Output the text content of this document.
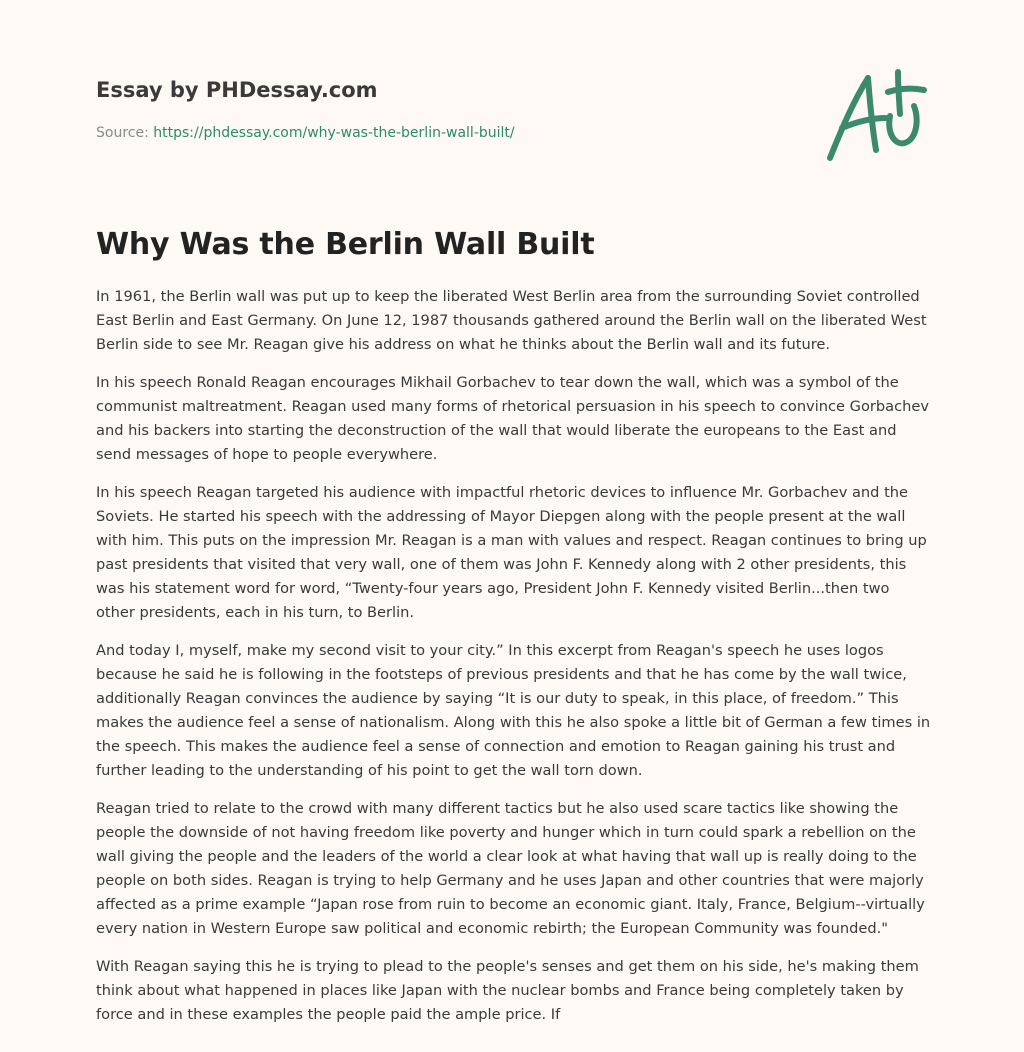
Essay by PHDessay.com
Source: https://phdessay.com/why-was-the-berlin-wall-built/
Why Was the Berlin Wall Built

In 1961, the Berlin wall was put up to keep the liberated West Berlin area from the surrounding Soviet controlled East Berlin and East Germany. On June 12, 1987 thousands gathered around the Berlin wall on the liberated West Berlin side to see Mr. Reagan give his address on what he thinks about the Berlin wall and its future.

In his speech Ronald Reagan encourages Mikhail Gorbachev to tear down the wall, which was a symbol of the communist maltreatment. Reagan used many forms of rhetorical persuasion in his speech to convince Gorbachev and his backers into starting the deconstruction of the wall that would liberate the europeans to the East and send messages of hope to people everywhere.

In his speech Reagan targeted his audience with impactful rhetoric devices to influence Mr. Gorbachev and the Soviets. He started his speech with the addressing of Mayor Diepgen along with the people present at the wall with him. This puts on the impression Mr. Reagan is a man with values and respect. Reagan continues to bring up past presidents that visited that very wall, one of them was John F. Kennedy along with 2 other presidents, this was his statement word for word, “Twenty-four years ago, President John F. Kennedy visited Berlin...then two other presidents, each in his turn, to Berlin.

And today I, myself, make my second visit to your city.” In this excerpt from Reagan's speech he uses logos because he said he is following in the footsteps of previous presidents and that he has come by the wall twice, additionally Reagan convinces the audience by saying “It is our duty to speak, in this place, of freedom.” This makes the audience feel a sense of nationalism. Along with this he also spoke a little bit of German a few times in the speech. This makes the audience feel a sense of connection and emotion to Reagan gaining his trust and further leading to the understanding of his point to get the wall torn down.

Reagan tried to relate to the crowd with many different tactics but he also used scare tactics like showing the people the downside of not having freedom like poverty and hunger which in turn could spark a rebellion on the wall giving the people and the leaders of the world a clear look at what having that wall up is really doing to the people on both sides. Reagan is trying to help Germany and he uses Japan and other countries that were majorly affected as a prime example “Japan rose from ruin to become an economic giant. Italy, France, Belgium--virtually every nation in Western Europe saw political and economic rebirth; the European Community was founded."

With Reagan saying this he is trying to plead to the people's senses and get them on his side, he's making them think about what happened in places like Japan with the nuclear bombs and France being completely taken by force and in these examples the people paid the ample price. If
